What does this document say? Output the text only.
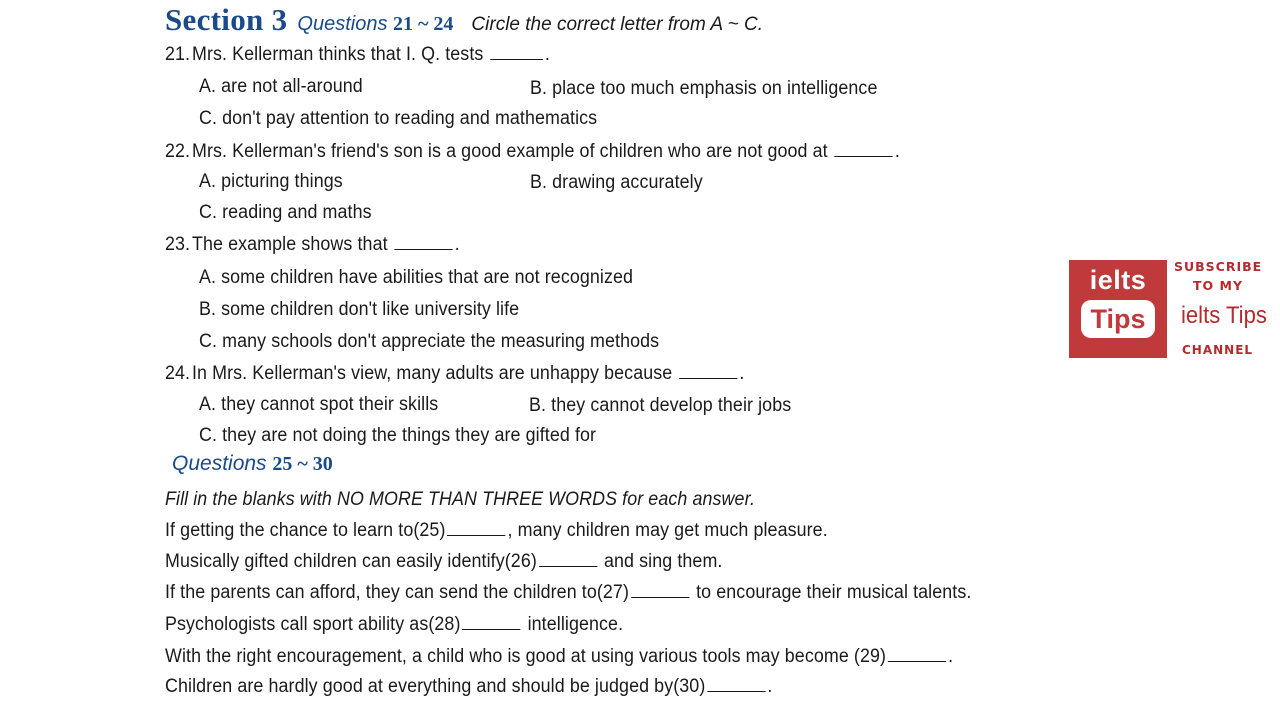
Section 3 Questions 21 ~ 24 Circle the correct letter from A ~ C.
21.Mrs. Kellerman thinks that I. Q. tests	.
A. are not all-around	B. place too much emphasis on intelligence
C. don't pay attention to reading and mathematics
22.Mrs. Kellerman's friend's son is a good example of children who are not good at	.
A. picturing things	B. drawing accurately
C. reading and maths
23.The example shows that	.
A. some children have abilities that are not recognized
B. some children don't like university life
C. many schools don't appreciate the measuring methods
24.In Mrs. Kellerman's view, many adults are unhappy because	.
A. they cannot spot their skills	B. they cannot develop their jobs
C. they are not doing the things they are gifted for
Questions 25 ~ 30
Fill in the blanks with NO MORE THAN THREE WORDS for each answer.
If getting the chance to learn to(25)	, many children may get much pleasure.
Musically gifted children can easily identify(26)	and sing them.
If the parents can afford, they can send the children to(27)	to encourage their musical talents.
Psychologists call sport ability as(28)	intelligence.
With the right encouragement, a child who is good at using various tools may become (29)	.
Children are hardly good at everything and should be judged by(30)	.
ielts
Tips
SUBSCRIBE
TO MY
ielts Tips
CHANNEL
